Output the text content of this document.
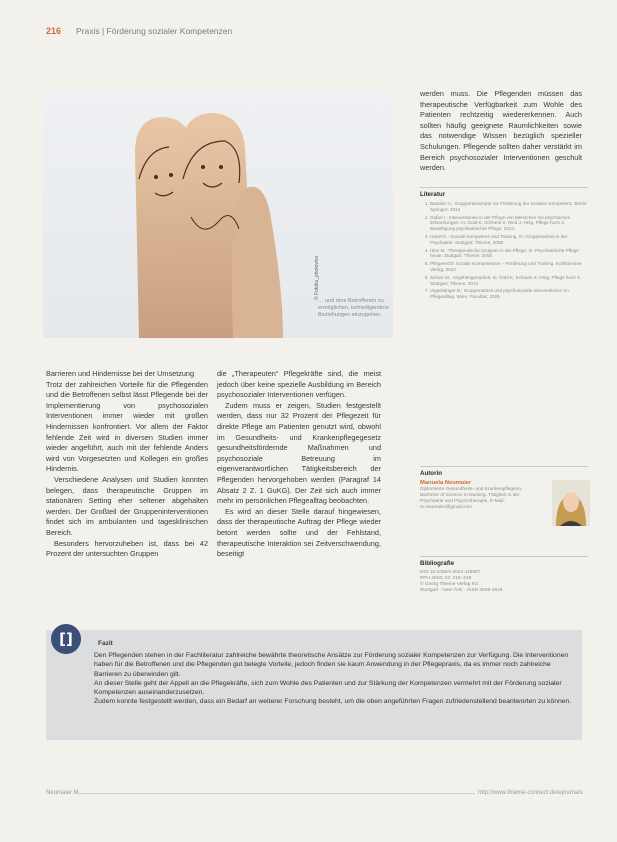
216 Praxis | Förderung sozialer Kompetenzen
© Fotolia_photoviso
… und dem Betroffenen zu ermöglichen, befriedigendere Beziehungen einzugehen.

Barrieren und Hindernisse bei der Umsetzung

Trotz der zahlreichen Vorteile für die Pflegenden und die Betroffenen selbst lässt Pflegende bei der Implementierung von psychosozialen Interventionen immer wieder mit großen Hindernissen konfrontiert. Vor allem der Faktor fehlende Zeit wird in diversen Studien immer wieder angeführt, auch mit der fehlende Anders wird von Vorgesetzten und Kollegen ein großes Hindernis.

Verschiedene Analysen und Studien konnten belegen, dass therapeutische Gruppen im stationären Setting eher seltener abgehalten werden. Der Großteil der Gruppeninterventionen findet sich im ambulanten und tagesklinischen Bereich.

Besonders hervorzuheben ist, dass bei 42 Prozent der untersuchten Gruppen

die „Therapeuten“ Pflegekräfte sind, die meist jedoch über keine spezielle Ausbildung im Bereich psychosozialer Interventionen verfügen.

Zudem muss er zeigen, Studien festgestellt werden, dass nur 32 Prozent der Pflegezeit für direkte Pflege am Patienten genutzt wird, obwohl im Gesundheits- und Krankenpflegegesetz gesundheitsfördernde Maßnahmen und psychosoziale Betreuung im eigenverantwortlichen Tätigkeitsbereich der Pflegenden hervorgehoben werden (Paragraf 14 Absatz 2 Z. 1 GuKG). Der Zeit sich auch immer mehr im persönlichen Pflegealltag beobachten.

Es wird an dieser Stelle darauf hingewiesen, dass der therapeutische Auftrag der Pflege wieder betont werden sollte und der Fehlstand, therapeutische Interaktion sei Zeitverschwendung, beseitigt

werden muss. Die Pflegenden müssen das therapeutische Verfügbarkeit zum Wohle des Patienten rechtzeitig wiedererkennen. Auch sollten häufig geeignete Raumlichkeiten sowie das notwendige Wissen bezüglich spezieller Schulungen. Pflegende sollten daher verstärkt im Bereich psychosozialer Interventionen geschult werden.

Literatur
1. Bauduin A.: Gruppenkonzepte zur Förderung der sozialen Kompetenz. Berlin: Springer; 2012
2. Gaßel I.: Interventionen in der Pflege von Menschen mit psychischen Erkrankungen. In: Gold K, Schrank S, Ried J, Hrsg. Pflege hoch 4. Bewältigung psychiatrischer Pflege. 2014
3. Hanel E.: Soziale Kompetenz und Training. In: Gruppenarbeit in der Psychiatrie. Stuttgart: Thieme; 2008
4. Hinz M.: Therapeutische Gruppen in der Pflege. In: Psychiatrische Pflege heute. Stuttgart: Thieme; 2008
5. Pflegerecht: Soziale Kompetenzen – Förderung und Training. Kohlhammer Verlag; 2010
6. Schulz M.: Angehörigenarbeit. In: Gold K, Schrank S, Hrsg. Pflege hoch 4. Stuttgart: Thieme; 2014
7. Vogelsänger B.: Gruppenarbeit und psychosoziale Interventionen im Pflegealltag. Wien: Facultas; 2009
Autorin
Manuela Neumaier
Diplomierte Gesundheits- und Krankenpflegerin, Bachelor of Science in Nursing. Tätigkeit in der Psychiatrie und Psychotherapie. E-Mail: m.neumaier@gmail.com
Bibliografie
DOI 10.1055/s-0042-118587
PPH 2016; 22: 215–218
© Georg Thieme Verlag KG
Stuttgart · New York · ISSN 0949-1619
[]	Fazit

Den Pflegenden stehen in der Fachliteratur zahlreiche bewährte theoretische Ansätze zur Förderung sozialer Kompetenzen zur Verfügung. Die Interventionen haben für die Betroffenen und die Pflegenden gut belegte Vorteile, jedoch finden sie kaum Anwendung in der Pflegepraxis, da es immer noch zahlreiche Barrieren zu überwinden gilt.

An dieser Stelle geht der Appell an die Pflegekräfte, sich zum Wohle des Patienten und zur Stärkung der Kompetenzen vermehrt mit der Förderung sozialer Kompetenzen auseinanderzusetzen.

Zudem konnte festgestellt werden, dass ein Bedarf an weiterer Forschung besteht, um die oben angeführten Fragen zufriedenstellend beantworten zu können.

Neumaier M.	http://www.thieme-connect.de/ejournals
